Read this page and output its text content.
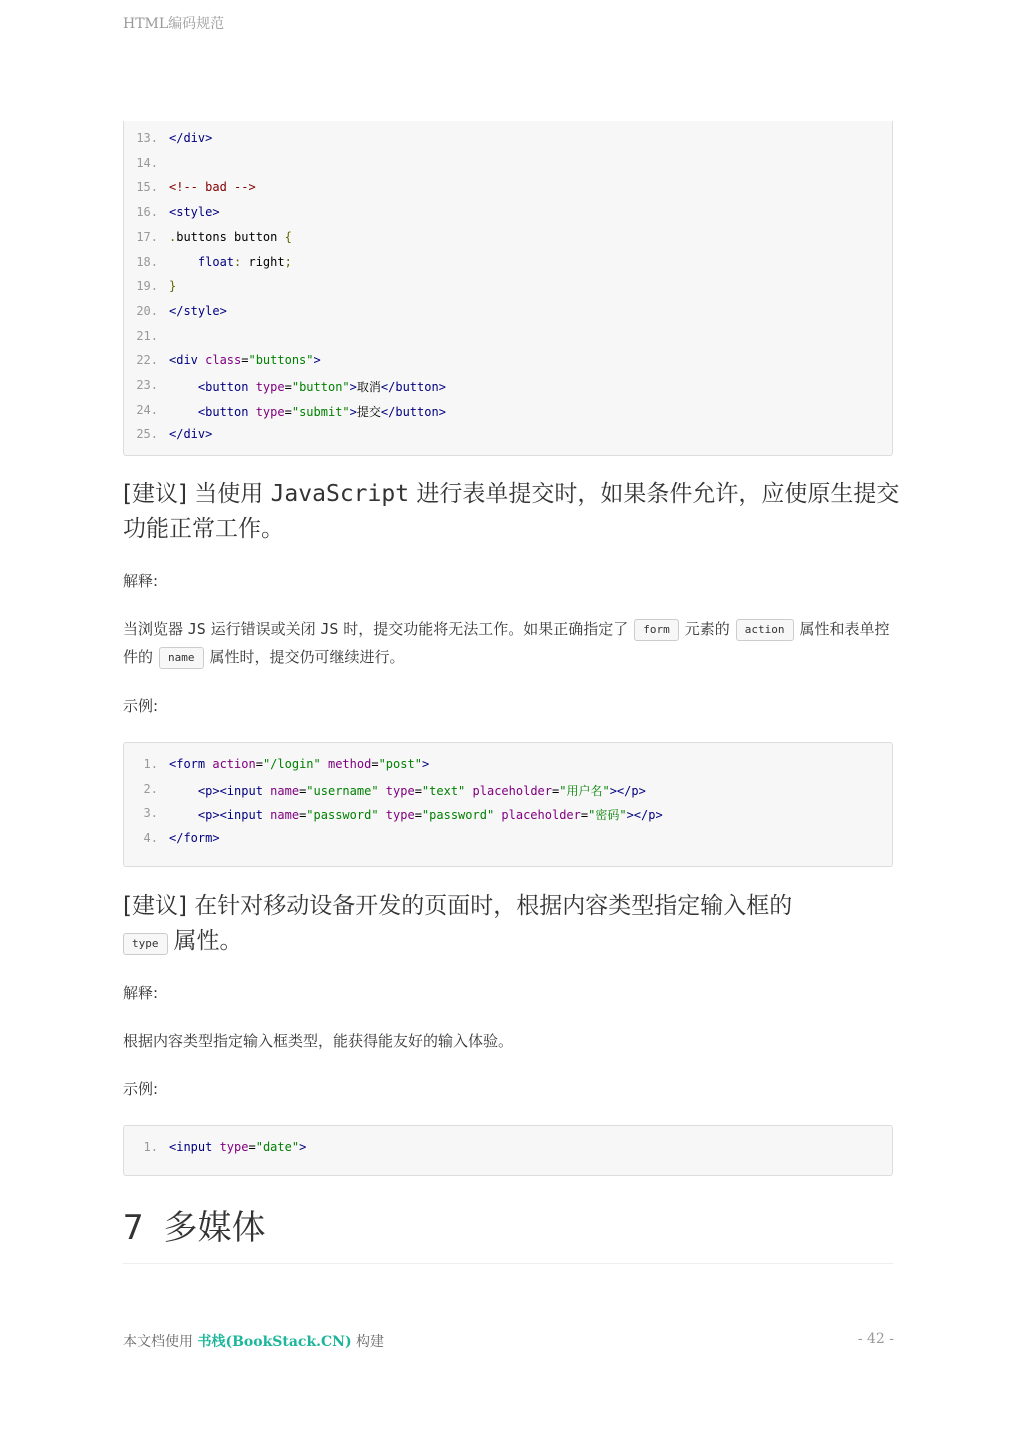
HTML编码规范
13. </div>
14.
15. <!-- bad -->
16. <style>
17. .buttons button {
18.	float: right;
19. }
20. </style>
21.
22. <div class="buttons">
23.	<button type="button">取消</button>
24.	<button type="submit">提交</button>
25. </div>
[建议] 当使用 JavaScript 进行表单提交时，如果条件允许，应使原生提交功能正常工作。
解释:
当浏览器 JS 运行错误或关闭 JS 时，提交功能将无法工作。如果正确指定了 form 元素的 action 属性和表单控件的 name 属性时，提交仍可继续进行。
示例:
1. <form action="/login" method="post">
2.	<p><input name="username" type="text" placeholder="用户名"></p>
3.	<p><input name="password" type="password" placeholder="密码"></p>
4. </form>
[建议] 在针对移动设备开发的页面时，根据内容类型指定输入框的
type 属性。
解释:
根据内容类型指定输入框类型，能获得能友好的输入体验。
示例:
1. <input type="date">
7 多媒体
本文档使用 书栈(BookStack.CN) 构建	- 42 -
